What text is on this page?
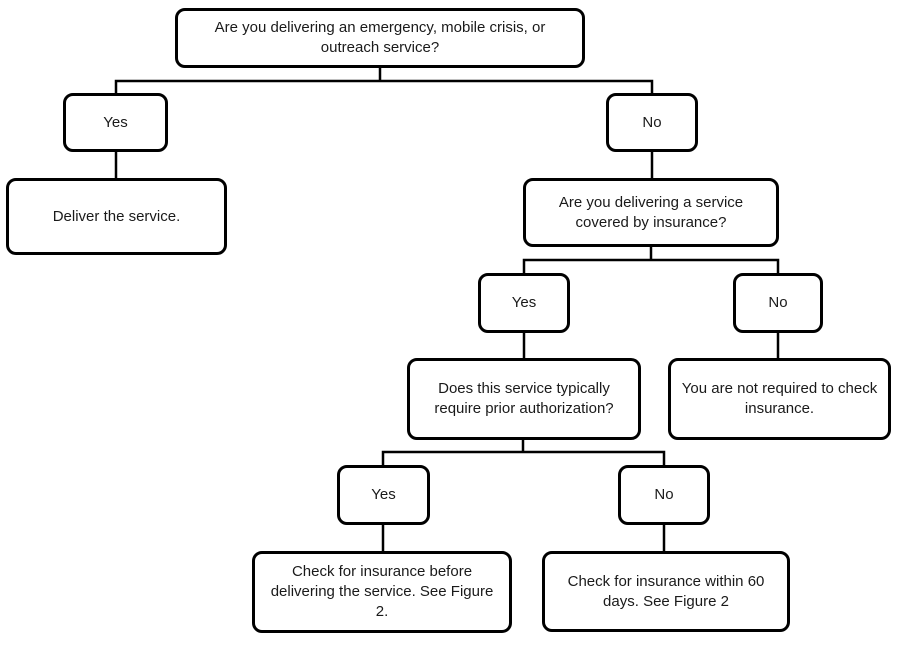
Are you delivering an emergency, mobile crisis, or outreach service?
Yes	No
Deliver the service.
Are you delivering a service covered by insurance?
Yes	No
Does this service typically require prior authorization?
You are not required to check insurance.
Yes	No
Check for insurance before delivering the service. See Figure 2.
Check for insurance within 60 days. See Figure 2
